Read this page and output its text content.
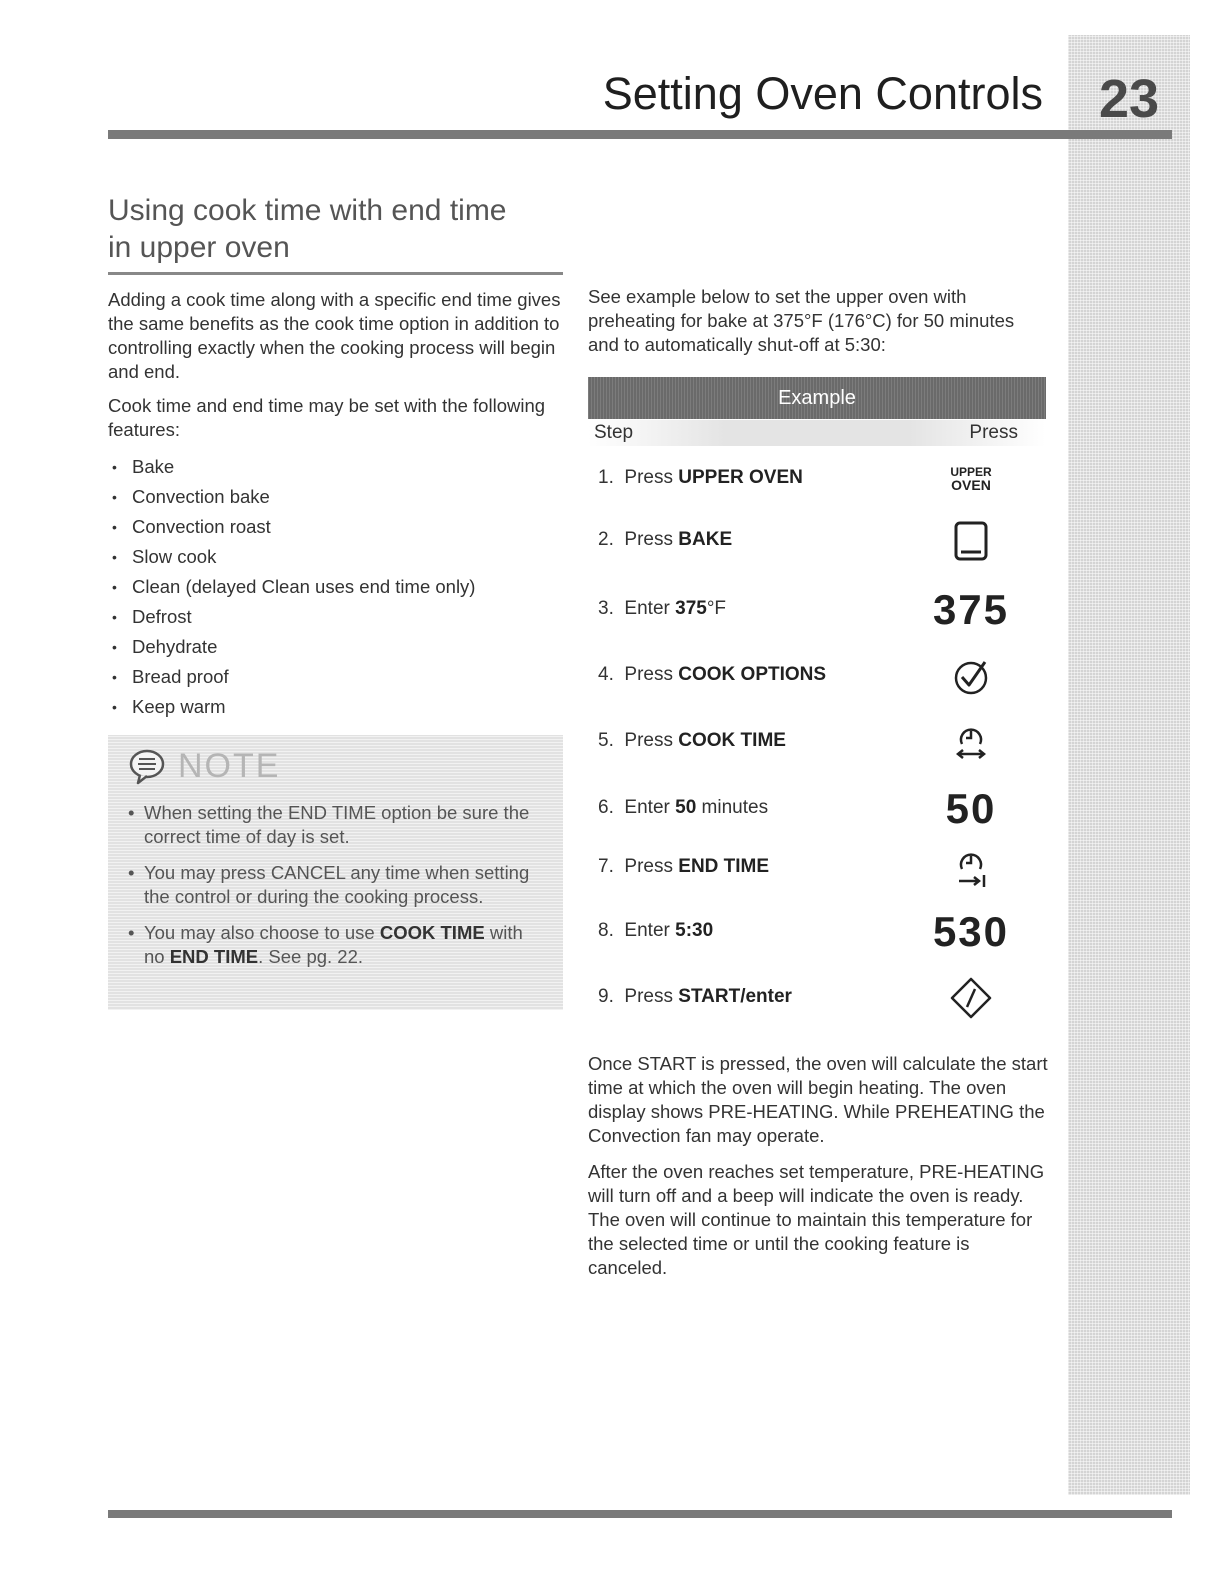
23
Setting Oven Controls
Using cook time with end time
in upper oven

Adding a cook time along with a specific end time gives the same benefits as the cook time option in addition to controlling exactly when the cooking process will begin and end.

Cook time and end time may be set with the following features:

• Bake
• Convection bake
• Convection roast
• Slow cook
• Clean (delayed Clean uses end time only)
• Defrost
• Dehydrate
• Bread proof
• Keep warm
NOTE
• When setting the END TIME option be sure the correct time of day is set.
• You may press CANCEL any time when setting the control or during the cooking process.
• You may also choose to use COOK TIME with no END TIME. See pg. 22.

See example below to set the upper oven with preheating for bake at 375°F (176°C) for 50 minutes and to automatically shut-off at 5:30:

Example
Step	Press
1. Press UPPER OVEN	UPPER
OVEN
2. Press BAKE
3. Enter 375°F	375
4. Press COOK OPTIONS
5. Press COOK TIME
6. Enter 50 minutes	50
7. Press END TIME
8. Enter 5:30	530
9. Press START/enter

Once START is pressed, the oven will calculate the start time at which the oven will begin heating. The oven display shows PRE-HEATING. While PREHEATING the Convection fan may operate.

After the oven reaches set temperature, PRE-HEATING will turn off and a beep will indicate the oven is ready. The oven will continue to maintain this temperature for the selected time or until the cooking feature is canceled.
